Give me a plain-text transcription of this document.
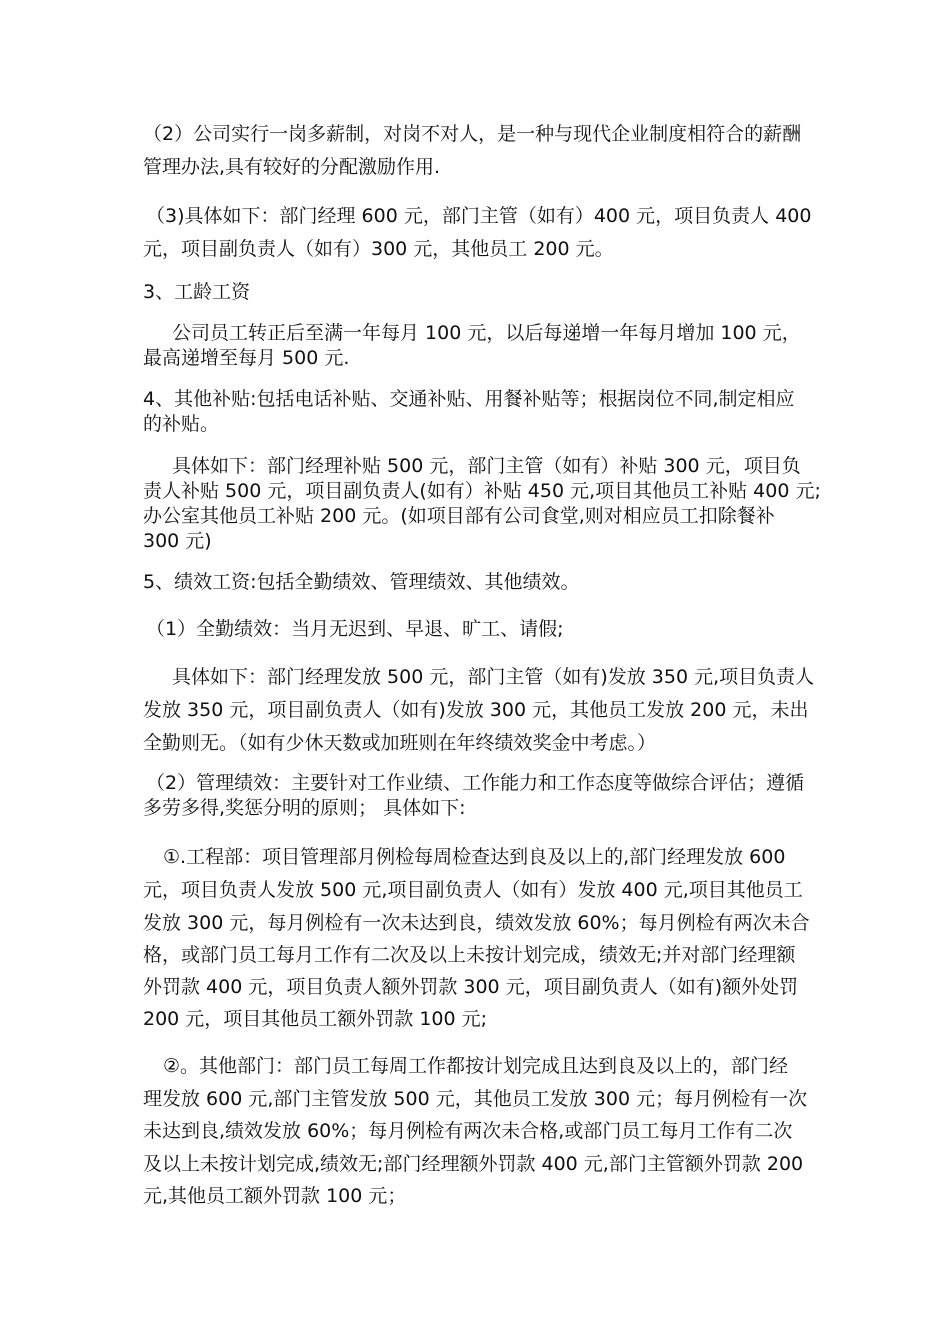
（2）公司实行一岗多薪制，对岗不对人，是一种与现代企业制度相符合的薪酬
管理办法,具有较好的分配激励作用.
（3)具体如下：部门经理 600 元，部门主管（如有）400 元，项目负责人 400
元，项目副负责人（如有）300 元，其他员工 200 元。
3、工龄工资
公司员工转正后至满一年每月 100 元，以后每递增一年每月增加 100 元，
最高递增至每月 500 元.
4、其他补贴:包括电话补贴、交通补贴、用餐补贴等；根据岗位不同,制定相应
的补贴。
具体如下：部门经理补贴 500 元，部门主管（如有）补贴 300 元，项目负
责人补贴 500 元，项目副负责人(如有）补贴 450 元,项目其他员工补贴 400 元;
办公室其他员工补贴 200 元。(如项目部有公司食堂,则对相应员工扣除餐补
300 元)
5、绩效工资:包括全勤绩效、管理绩效、其他绩效。
（1）全勤绩效：当月无迟到、早退、旷工、请假;
具体如下：部门经理发放 500 元，部门主管（如有)发放 350 元,项目负责人
发放 350 元，项目副负责人（如有)发放 300 元，其他员工发放 200 元，未出
全勤则无。（如有少休天数或加班则在年终绩效奖金中考虑。）
（2）管理绩效：主要针对工作业绩、工作能力和工作态度等做综合评估；遵循
多劳多得,奖惩分明的原则； 具体如下:
①.工程部：项目管理部月例检每周检查达到良及以上的,部门经理发放 600
元，项目负责人发放 500 元,项目副负责人（如有）发放 400 元,项目其他员工
发放 300 元，每月例检有一次未达到良，绩效发放 60%；每月例检有两次未合
格，或部门员工每月工作有二次及以上未按计划完成，绩效无;并对部门经理额
外罚款 400 元，项目负责人额外罚款 300 元，项目副负责人（如有)额外处罚
200 元，项目其他员工额外罚款 100 元;
②。其他部门：部门员工每周工作都按计划完成且达到良及以上的，部门经
理发放 600 元,部门主管发放 500 元，其他员工发放 300 元；每月例检有一次
未达到良,绩效发放 60%；每月例检有两次未合格,或部门员工每月工作有二次
及以上未按计划完成,绩效无;部门经理额外罚款 400 元,部门主管额外罚款 200
元,其他员工额外罚款 100 元；
